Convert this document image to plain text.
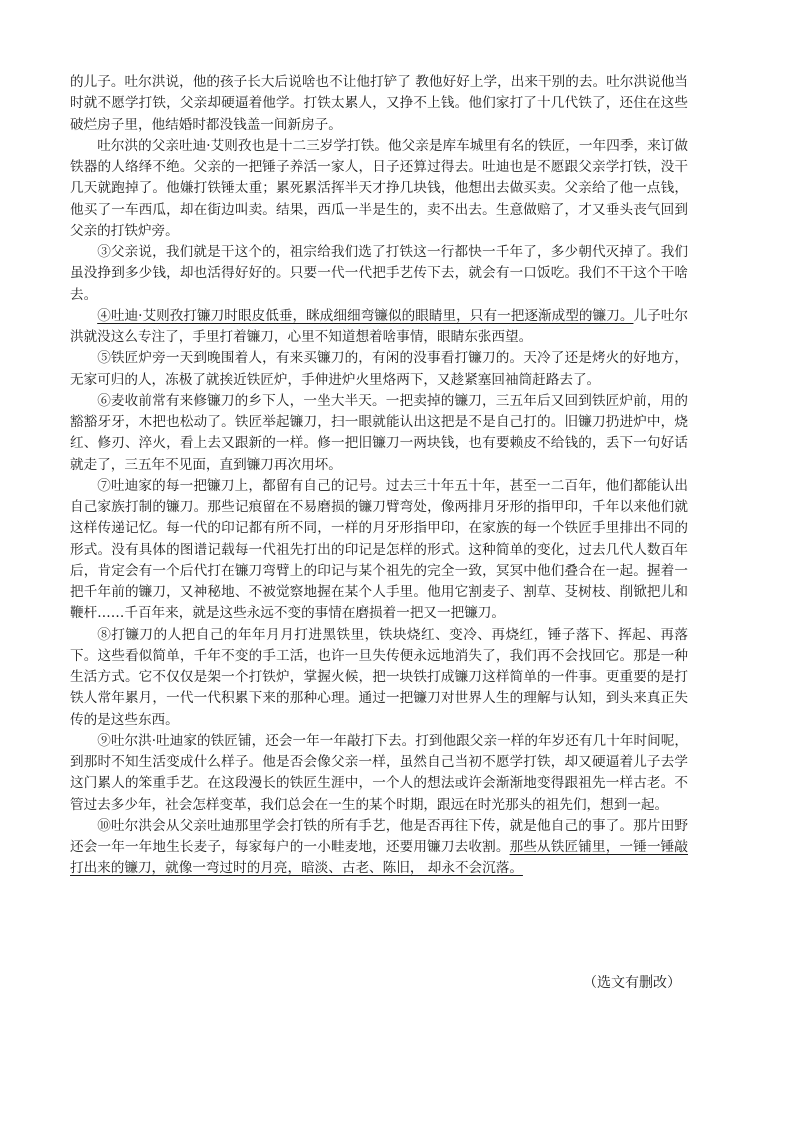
的儿子。吐尔洪说，他的孩子长大后说啥也不让他打铲了 教他好好上学，出来干别的去。吐尔洪说他当时就不愿学打铁，父亲却硬逼着他学。打铁太累人，又挣不上钱。他们家打了十几代铁了，还住在这些破烂房子里，他结婚时都没钱盖一间新房子。

吐尔洪的父亲吐迪·艾则孜也是十二三岁学打铁。他父亲是库车城里有名的铁匠，一年四季，来订做铁器的人络绎不绝。父亲的一把锤子养活一家人，日子还算过得去。吐迪也是不愿跟父亲学打铁，没干几天就跑掉了。他嫌打铁锤太重；累死累活挥半天才挣几块钱，他想出去做买卖。父亲给了他一点钱，他买了一车西瓜，却在街边叫卖。结果，西瓜一半是生的，卖不出去。生意做赔了，才又垂头丧气回到父亲的打铁炉旁。

③父亲说，我们就是干这个的，祖宗给我们选了打铁这一行都快一千年了，多少朝代灭掉了。我们虽没挣到多少钱，却也活得好好的。只要一代一代把手艺传下去，就会有一口饭吃。我们不干这个干啥去。

④吐迪·艾则孜打镰刀时眼皮低垂，眯成细细弯镰似的眼睛里，只有一把逐渐成型的镰刀。儿子吐尔洪就没这么专注了，手里打着镰刀，心里不知道想着啥事情，眼睛东张西望。

⑤铁匠炉旁一天到晚围着人，有来买镰刀的，有闲的没事看打镰刀的。天冷了还是烤火的好地方，无家可归的人，冻极了就挨近铁匠炉，手伸进炉火里烙两下，又趁紧塞回袖筒赶路去了。

⑥麦收前常有来修镰刀的乡下人，一坐大半天。一把卖掉的镰刀，三五年后又回到铁匠炉前，用的豁豁牙牙，木把也松动了。铁匠举起镰刀，扫一眼就能认出这把是不是自己打的。旧镰刀扔进炉中，烧红、修刃、淬火，看上去又跟新的一样。修一把旧镰刀一两块钱，也有要赖皮不给钱的，丢下一句好话就走了，三五年不见面，直到镰刀再次用坏。

⑦吐迪家的每一把镰刀上，都留有自己的记号。过去三十年五十年，甚至一二百年，他们都能认出自己家族打制的镰刀。那些记痕留在不易磨损的镰刀臂弯处，像两排月牙形的指甲印，千年以来他们就这样传递记忆。每一代的印记都有所不同，一样的月牙形指甲印，在家族的每一个铁匠手里排出不同的形式。没有具体的图谱记载每一代祖先打出的印记是怎样的形式。这种简单的变化，过去几代人数百年后，肯定会有一个后代打在镰刀弯臂上的印记与某个祖先的完全一致，冥冥中他们叠合在一起。握着一把千年前的镰刀，又神秘地、不被觉察地握在某个人手里。他用它割麦子、割草、芟树枝、削锨把儿和鞭杆……千百年来，就是这些永远不变的事情在磨损着一把又一把镰刀。

⑧打镰刀的人把自己的年年月月打进黑铁里，铁块烧红、变冷、再烧红，锤子落下、挥起、再落下。这些看似简单，千年不变的手工活，也许一旦失传便永远地消失了，我们再不会找回它。那是一种生活方式。它不仅仅是架一个打铁炉，掌握火候，把一块铁打成镰刀这样简单的一件事。更重要的是打铁人常年累月，一代一代积累下来的那种心理。通过一把镰刀对世界人生的理解与认知，到头来真正失传的是这些东西。

⑨吐尔洪·吐迪家的铁匠铺，还会一年一年敲打下去。打到他跟父亲一样的年岁还有几十年时间呢，到那时不知生活变成什么样子。他是否会像父亲一样，虽然自己当初不愿学打铁，却又硬逼着儿子去学这门累人的笨重手艺。在这段漫长的铁匠生涯中，一个人的想法或许会渐渐地变得跟祖先一样古老。不管过去多少年，社会怎样变革，我们总会在一生的某个时期，跟远在时光那头的祖先们，想到一起。

⑩吐尔洪会从父亲吐迪那里学会打铁的所有手艺，他是否再往下传，就是他自己的事了。那片田野还会一年一年地生长麦子，每家每户的一小畦麦地，还要用镰刀去收割。那些从铁匠铺里，一锤一锤敲打出来的镰刀，就像一弯过时的月亮，暗淡、古老、陈旧， 却永不会沉落。

（选文有删改）
